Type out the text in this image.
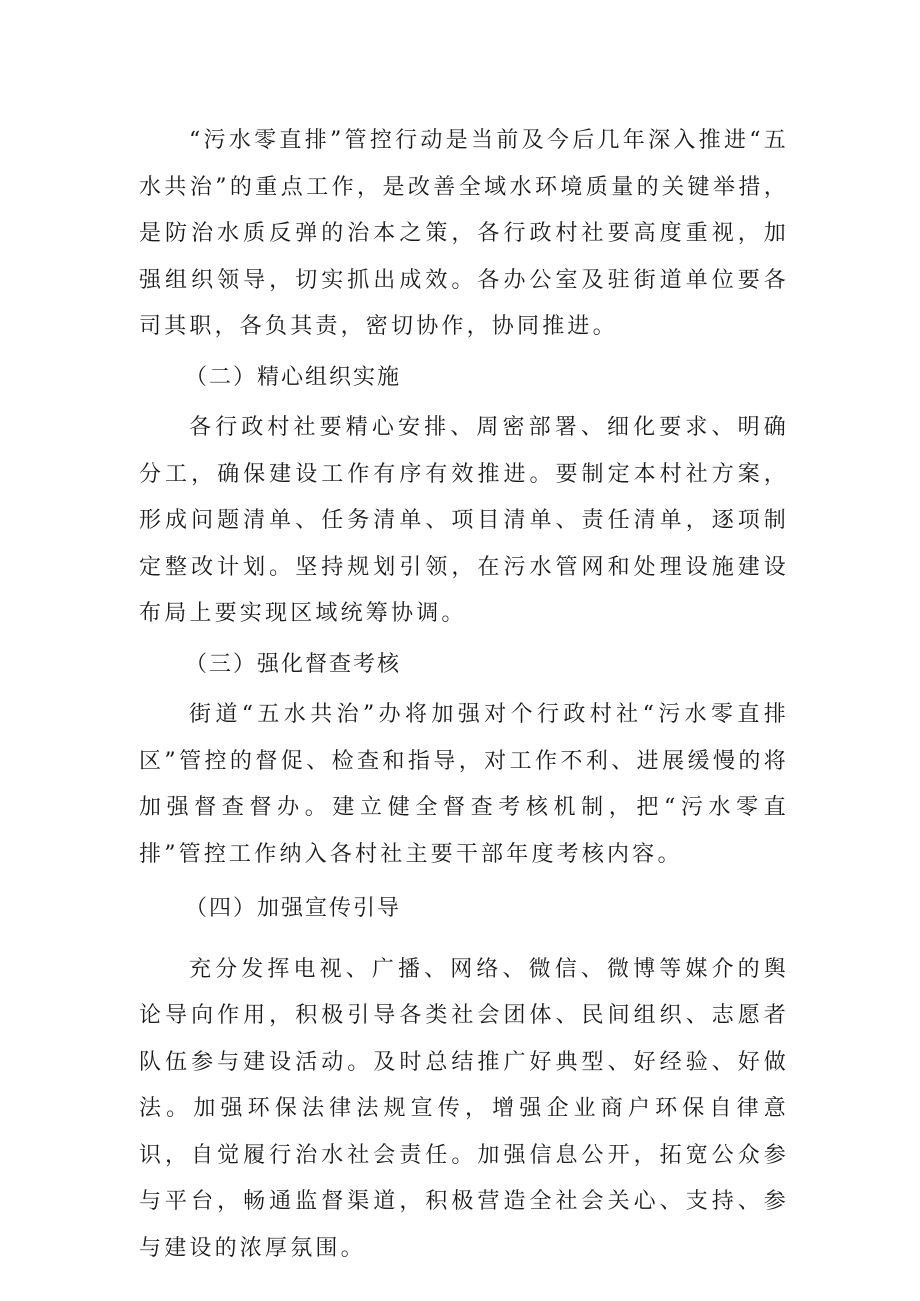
“污水零直排”管控行动是当前及今后几年深入推进“五水共治”的重点工作，是改善全域水环境质量的关键举措，是防治水质反弹的治本之策，各行政村社要高度重视，加强组织领导，切实抓出成效。各办公室及驻街道单位要各司其职，各负其责，密切协作，协同推进。

（二）精心组织实施

各行政村社要精心安排、周密部署、细化要求、明确分工，确保建设工作有序有效推进。要制定本村社方案，形成问题清单、任务清单、项目清单、责任清单，逐项制定整改计划。坚持规划引领，在污水管网和处理设施建设布局上要实现区域统筹协调。

（三）强化督查考核

街道“五水共治”办将加强对个行政村社“污水零直排区”管控的督促、检查和指导，对工作不利、进展缓慢的将加强督查督办。建立健全督查考核机制，把“污水零直排”管控工作纳入各村社主要干部年度考核内容。

（四）加强宣传引导

充分发挥电视、广播、网络、微信、微博等媒介的舆论导向作用，积极引导各类社会团体、民间组织、志愿者队伍参与建设活动。及时总结推广好典型、好经验、好做法。加强环保法律法规宣传，增强企业商户环保自律意识，自觉履行治水社会责任。加强信息公开，拓宽公众参与平台，畅通监督渠道，积极营造全社会关心、支持、参与建设的浓厚氛围。
